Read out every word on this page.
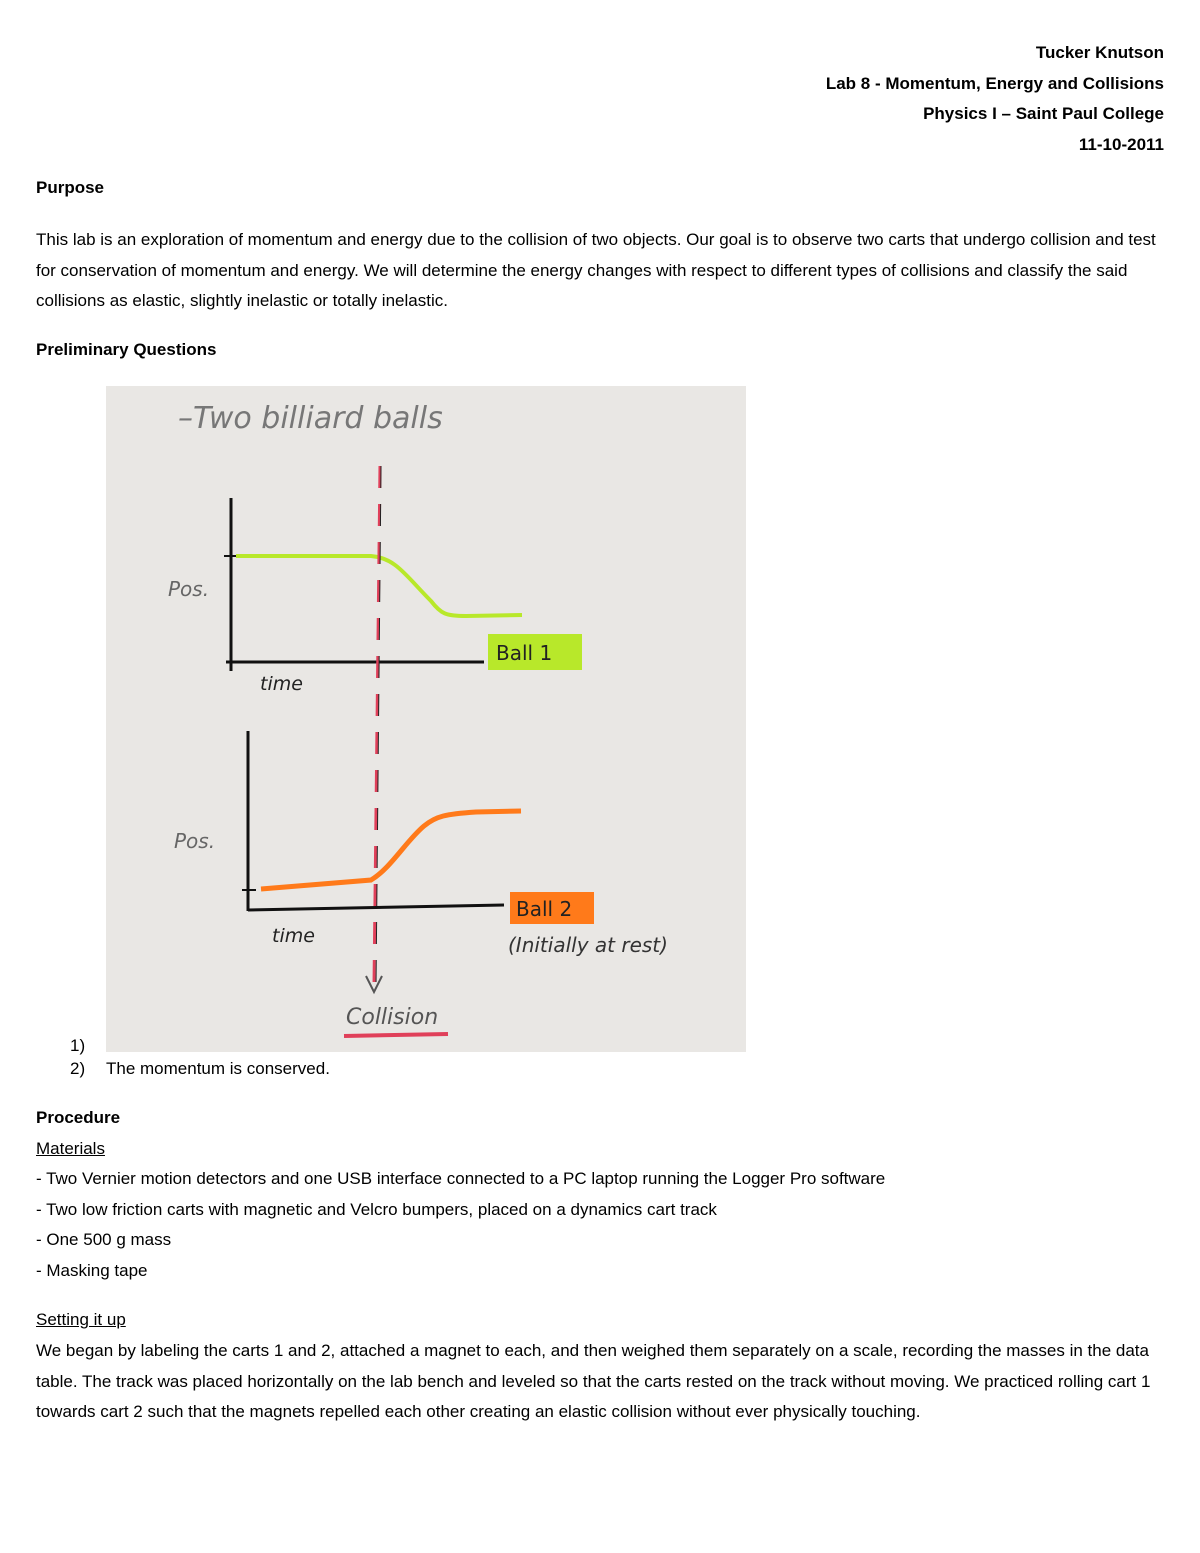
Tucker Knutson
Lab 8 - Momentum, Energy and Collisions
Physics I – Saint Paul College
11-10-2011
Purpose
This lab is an exploration of momentum and energy due to the collision of two objects. Our goal is to observe two carts that undergo collision and test for conservation of momentum and energy. We will determine the energy changes with respect to different types of collisions and classify the said collisions as elastic, slightly inelastic or totally inelastic.
Preliminary Questions
–Two billiard balls
Pos.
time
Ball 1
Pos.
time
Ball 2
(Initially at rest)
Collision
1)
2) The momentum is conserved.
Procedure
Materials
- Two Vernier motion detectors and one USB interface connected to a PC laptop running the Logger Pro software
- Two low friction carts with magnetic and Velcro bumpers, placed on a dynamics cart track
- One 500 g mass
- Masking tape
Setting it up
We began by labeling the carts 1 and 2, attached a magnet to each, and then weighed them separately on a scale, recording the masses in the data table. The track was placed horizontally on the lab bench and leveled so that the carts rested on the track without moving. We practiced rolling cart 1 towards cart 2 such that the magnets repelled each other creating an elastic collision without ever physically touching.
